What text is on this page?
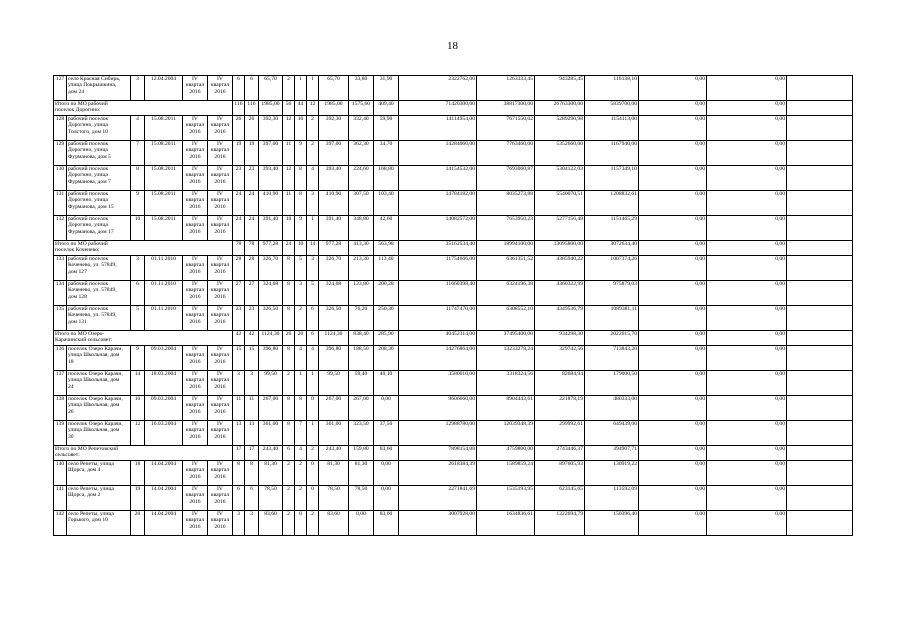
18
127	село Красная Сибирь,
улица Покрышкина,
дом 24	3	12.04.2004	IV
квартал
2016	IV
квартал
2016	6	6	65,70	2	1	1	65,70	33,80	31,90	2322762,00	1263333,45	943285,45	116138,10	0,00	0,00	

Итого по МО рабочий
поселок Дорогино:						116	116	1985,00	56	44	12	1985,00	1575,60	409,40	71420300,00	38817300,00	26763300,00	5839700,00	0,00	0,00	
128	рабочий поселок
Дорогино, улица
Толстого, дом 10	4	15.08.2011	IV
квартал
2016	IV
квартал
2016	26	26	392,30	12	10	2	392,30	332,40	59,90	14114954,00	7671550,02	5289290,98	1154113,00	0,00	0,00	
129	рабочий поселок
Дорогино, улица
Фурманова, дом 5	7	15.08.2011	IV
квартал
2016	IV
квартал
2016	19	19	397,00	11	9	2	397,00	362,30	34,70	14284060,00	7763460,00	5352660,00	1167940,00	0,00	0,00	
130	рабочий поселок
Дорогино, улица
Фурманова, дом 7	8	15.08.2011	IV
квартал
2016	IV
квартал
2016	23	23	393,40	12	8	4	393,40	224,60	168,80	14154532,00	7693060,87	5304122,03	1157349,10	0,00	0,00	
131	рабочий поселок
Дорогино, улица
Фурманова, дом 15	9	15.08.2011	IV
квартал
2016	IV
квартал
2016	24	24	410,90	11	8	3	410,90	307,50	103,40	14784182,00	8035273,88	5540070,51	1208832,61	0,00	0,00	
132	рабочий поселок
Дорогино, улица
Фурманова, дом 17	10	15.08.2011	IV
квартал
2016	IV
квартал
2016	24	24	391,40	10	9	1	391,40	348,80	42,60	14082572,00	7653950,23	5277156,48	1151465,29	0,00	0,00	

Итого по МО рабочий
поселок Коченево:						78	78	977,28	24	10	14	977,28	413,30	563,98	35162534,40	18994100,00	13095800,00	3072634,40	0,00	0,00	
133	рабочий поселок
Коченево, ул. 57849,
дом 127	3	01.11.2010	IV
квартал
2016	IV
квартал
2016	28	28	326,70	8	5	3	326,70	213,30	113,40	11754666,00	6361351,52	4385940,22	1007374,26	0,00	0,00	
134	рабочий поселок
Коченево, ул. 57849,
дом 128	6	01.11.2010	IV
квартал
2016	IV
квартал
2016	27	27	324,08	8	3	5	324,08	123,80	200,28	11660398,40	6324196,38	4360322,99	975879,03	0,00	0,00	
135	рабочий поселок
Коченево, ул. 57849,
дом 131	5	01.11.2010	IV
квартал
2016	IV
квартал
2016	23	23	326,50	8	2	6	326,50	76,20	250,30	11747470,00	6308552,10	4349536,79	1089381,11	0,00	0,00	

Итого по МО Озеро-
Карачинский сельсовет:						42	42	1124,30	26	20	6	1124,30	838,40	285,90	40452314,00	37495400,00	934298,30	2022615,70	0,00	0,00	
136	поселок Озеро Карачи,
улица Школьная, дом
18	9	09.03.2004	IV
квартал
2016	IV
квартал
2016	15	15	396,80	8	4	4	396,80	188,50	208,30	14276864,00	13233278,24	329742,56	713843,20	0,00	0,00	
137	поселок Озеро Карачи,
улица Школьная, дом
24	14	18.03.2004	IV
квартал
2016	IV
квартал
2016	3	3	99,50	2	1	1	99,50	59,40	40,10	3580010,00	3318324,56	82684,94	179000,50	0,00	0,00	
138	поселок Озеро Карачи,
улица Школьная, дом
26	10	09.03.2004	IV
квартал
2016	IV
квартал
2016	11	11	267,00	8	8	0	267,00	267,00	0,00	9606660,00	8904443,61	221878,19	480333,00	0,00	0,00	
139	поселок Озеро Карачи,
улица Школьная, дом
30	12	16.03.2004	IV
квартал
2016	IV
квартал
2016	13	13	361,00	8	7	1	361,00	323,50	37,50	12988780,00	12039348,39	299992,61	649439,00	0,00	0,00	

Итого по МО Репетовский
сельсовет:						17	17	243,40	6	4	2	243,40	159,80	83,60	7898154,08	4759800,00	2743446,37	394907,71	0,00	0,00	
140	село Репеты, улица
Щорса, дом 4	18	14.04.2004	IV
квартал
2016	IV
квартал
2016	8	8	81,30	2	2	0	81,30	81,30	0,00	2618384,39	1589859,24	897605,93	130919,22	0,00	0,00	
141	село Репеты, улица
Щорса, дом 2	19	14.04.2004	IV
квартал
2016	IV
квартал
2016	6	6	78,50	2	2	0	78,50	78,50	0,00	2271841,69	1535193,95	623145,65	113592,09	0,00	0,00	
142	село Репеты, улица
Горького, дом 10	20	14.04.2004	IV
квартал
2016	IV
квартал
2016	3	3	83,60	2	0	2	83,60	0,00	83,60	3007928,00	1634836,61	1222694,79	150396,40	0,00	0,00	
